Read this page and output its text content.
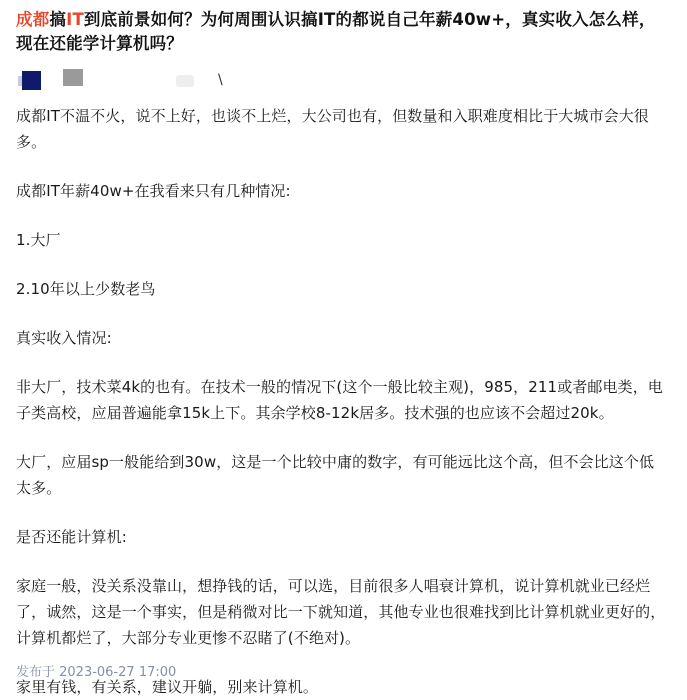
成都搞IT到底前景如何？为何周围认识搞IT的都说自己年薪40w+，真实收入怎么样，现在还能学计算机吗？
\

成都IT不温不火，说不上好，也谈不上烂，大公司也有，但数量和入职难度相比于大城市会大很多。

成都IT年薪40w+在我看来只有几种情况:

1.大厂

2.10年以上少数老鸟

真实收入情况:

非大厂，技术菜4k的也有。在技术一般的情况下(这个一般比较主观)，985，211或者邮电类，电子类高校，应届普遍能拿15k上下。其余学校8-12k居多。技术强的也应该不会超过20k。

大厂，应届sp一般能给到30w，这是一个比较中庸的数字，有可能远比这个高，但不会比这个低太多。

是否还能计算机:

家庭一般，没关系没靠山，想挣钱的话，可以选，目前很多人唱衰计算机，说计算机就业已经烂了，诚然，这是一个事实，但是稍微对比一下就知道，其他专业也很难找到比计算机就业更好的，计算机都烂了，大部分专业更惨不忍睹了(不绝对)。

家里有钱，有关系，建议开躺，别来计算机。

发布于 2023-06-27 17:00
